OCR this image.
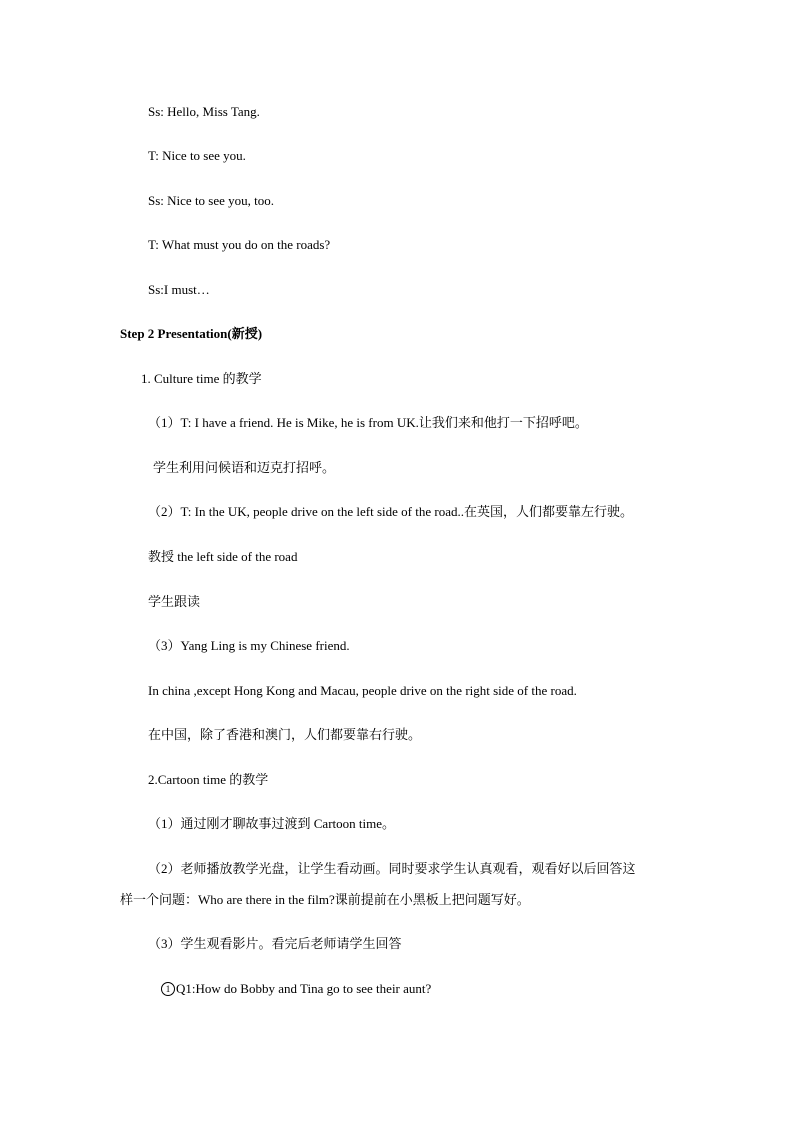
Ss: Hello, Miss Tang.
T: Nice to see you.
Ss: Nice to see you, too.
T: What must you do on the roads?
Ss:I must…
Step 2 Presentation(新授)
1. Culture time 的教学
（1）T: I have a friend. He is Mike, he is from UK.让我们来和他打一下招呼吧。
学生利用问候语和迈克打招呼。
（2）T: In the UK, people drive on the left side of the road..在英国，人们都要靠左行驶。
教授 the left side of the road
学生跟读
（3）Yang Ling is my Chinese friend.
In china ,except Hong Kong and Macau, people drive on the right side of the road.
在中国，除了香港和澳门，人们都要靠右行驶。
2.Cartoon time 的教学
（1）通过刚才聊故事过渡到 Cartoon time。
（2）老师播放教学光盘，让学生看动画。同时要求学生认真观看，观看好以后回答这
样一个问题：Who are there in the film?课前提前在小黑板上把问题写好。
（3）学生观看影片。看完后老师请学生回答
1 Q1:How do Bobby and Tina go to see their aunt?
